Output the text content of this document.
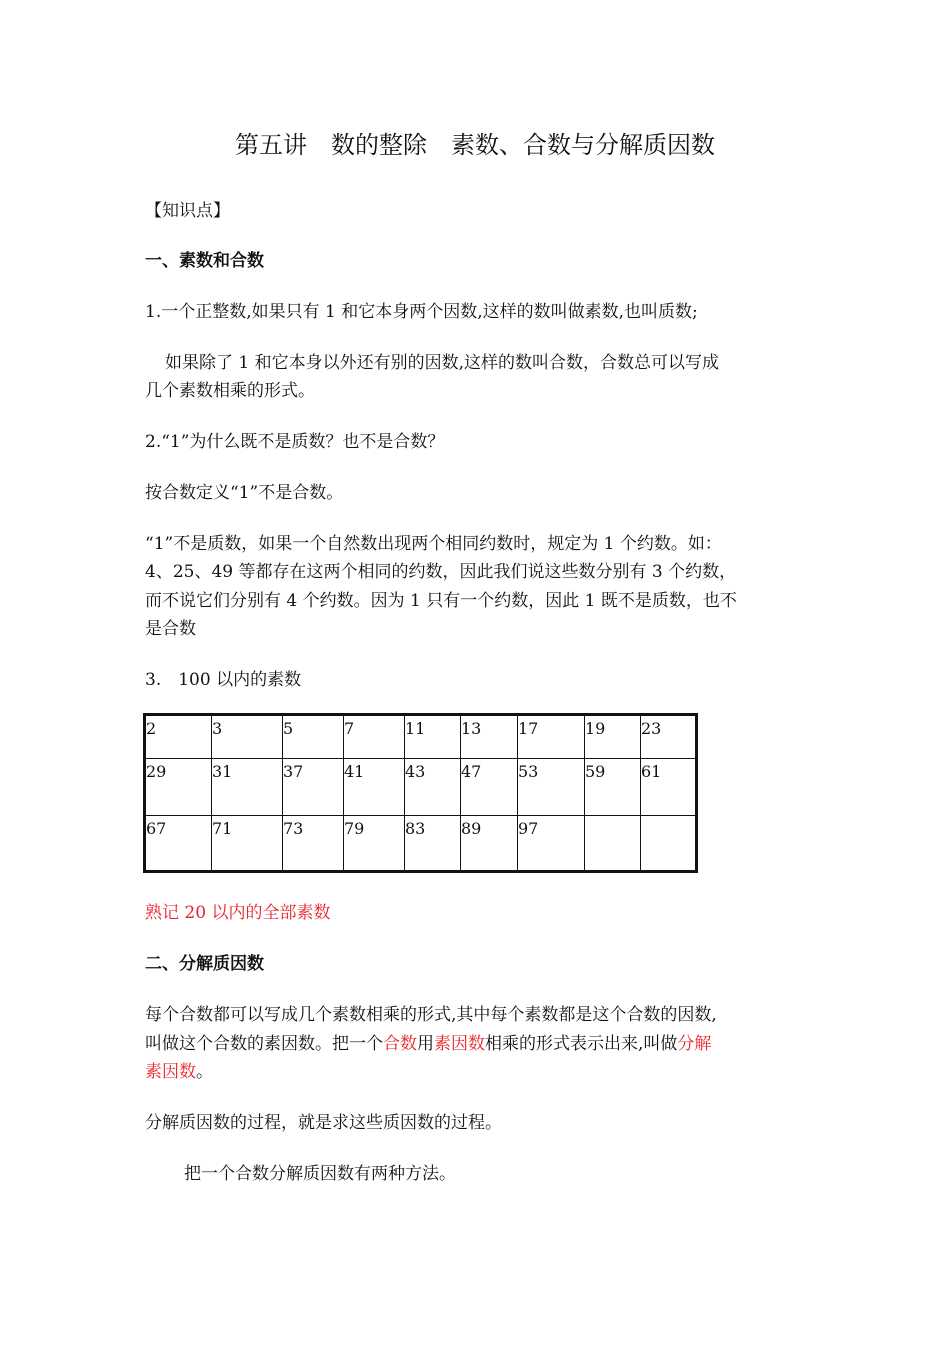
第五讲　数的整除　素数、合数与分解质因数
【知识点】
一、素数和合数
1.一个正整数,如果只有 1 和它本身两个因数,这样的数叫做素数,也叫质数;
如果除了 1 和它本身以外还有别的因数,这样的数叫合数，合数总可以写成
几个素数相乘的形式。
2.“1”为什么既不是质数？也不是合数？
按合数定义“1”不是合数。
“1”不是质数，如果一个自然数出现两个相同约数时，规定为 1 个约数。如：
4、25、49 等都存在这两个相同的约数，因此我们说这些数分别有 3 个约数，
而不说它们分别有 4 个约数。因为 1 只有一个约数，因此 1 既不是质数，也不
是合数
3.　100 以内的素数
2	3	5	7	11	13	17	19	23
29	31	37	41	43	47	53	59	61
67	71	73	79	83	89	97		
熟记 20 以内的全部素数
二、分解质因数
每个合数都可以写成几个素数相乘的形式,其中每个素数都是这个合数的因数,
叫做这个合数的素因数。把一个合数用素因数相乘的形式表示出来,叫做分解
素因数。
分解质因数的过程，就是求这些质因数的过程。
把一个合数分解质因数有两种方法。
